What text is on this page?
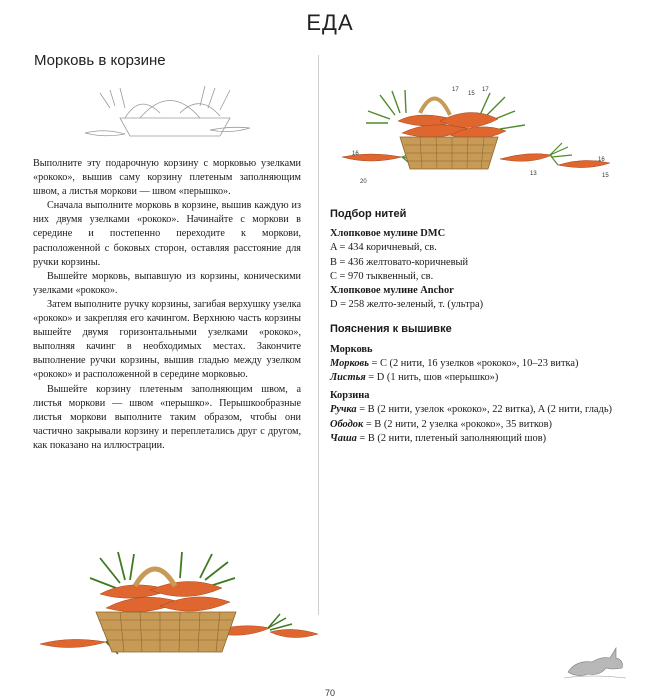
ЕДА
Морковь в корзине

Выполните эту подарочную корзину с морковью узелками «рококо», вышив саму корзину плетеным заполняющим швом, а листья моркови — швом «перышко».

Сначала выполните морковь в корзине, вышив каждую из них двумя узелками «рококо». Начинайте с моркови в середине и постепенно переходите к моркови, расположенной с боковых сторон, оставляя расстояние для ручки корзины.

Вышейте морковь, выпавшую из корзины, коническими узелками «рококо».

Затем выполните ручку корзины, загибая верхушку узелка «рококо» и закрепляя его качингом. Верхнюю часть корзины вышейте двумя горизонтальными узелками «рококо», выполняя качинг в необходимых местах. Закончите выполнение ручки корзины, вышив гладью между узелком «рококо» и расположенной в середине морковью.

Вышейте корзину плетеным заполняющим швом, а листья моркови — швом «перышко». Перышкообразные листья моркови выполните таким образом, чтобы они частично закрывали корзину и переплетались друг с другом, как показано на иллюстрации.

16
17
15
13
20
16
17
15

Подбор нитей

Хлопковое мулине DMC

A = 434 коричневый, св.

B = 436 желтовато-коричневый

C = 970 тыквенный, св.

Хлопковое мулине Anchor

D = 258 желто-зеленый, т. (ультра)

Пояснения к вышивке

Морковь

Морковь = C (2 нити, 16 узелков «рококо», 10–23 витка)

Листья = D (1 нить, шов «перышко»)

Корзина

Ручка = B (2 нити, узелок «рококо», 22 витка), A (2 нити, гладь)

Ободок = B (2 нити, 2 узелка «рококо», 35 витков)

Чаша = B (2 нити, плетеный заполняющий шов)

70
